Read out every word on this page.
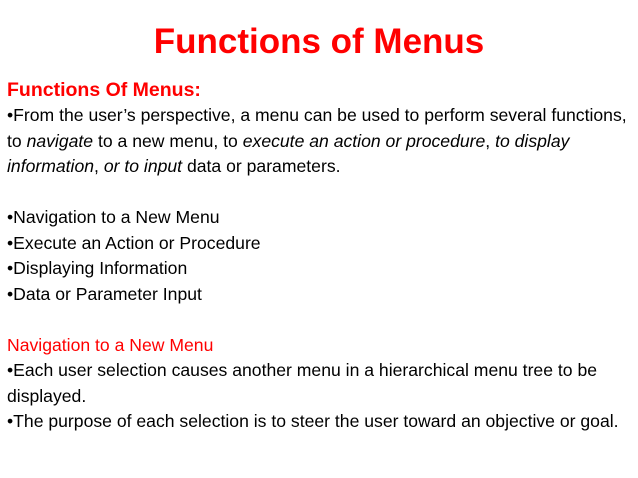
Functions of Menus

Functions Of Menus:

•From the user’s perspective, a menu can be used to perform several functions, to navigate to a new menu, to execute an action or procedure, to display information, or to input data or parameters.

•Navigation to a New Menu

•Execute an Action or Procedure

•Displaying Information

•Data or Parameter Input

Navigation to a New Menu

•Each user selection causes another menu in a hierarchical menu tree to be displayed.

•The purpose of each selection is to steer the user toward an objective or goal.
